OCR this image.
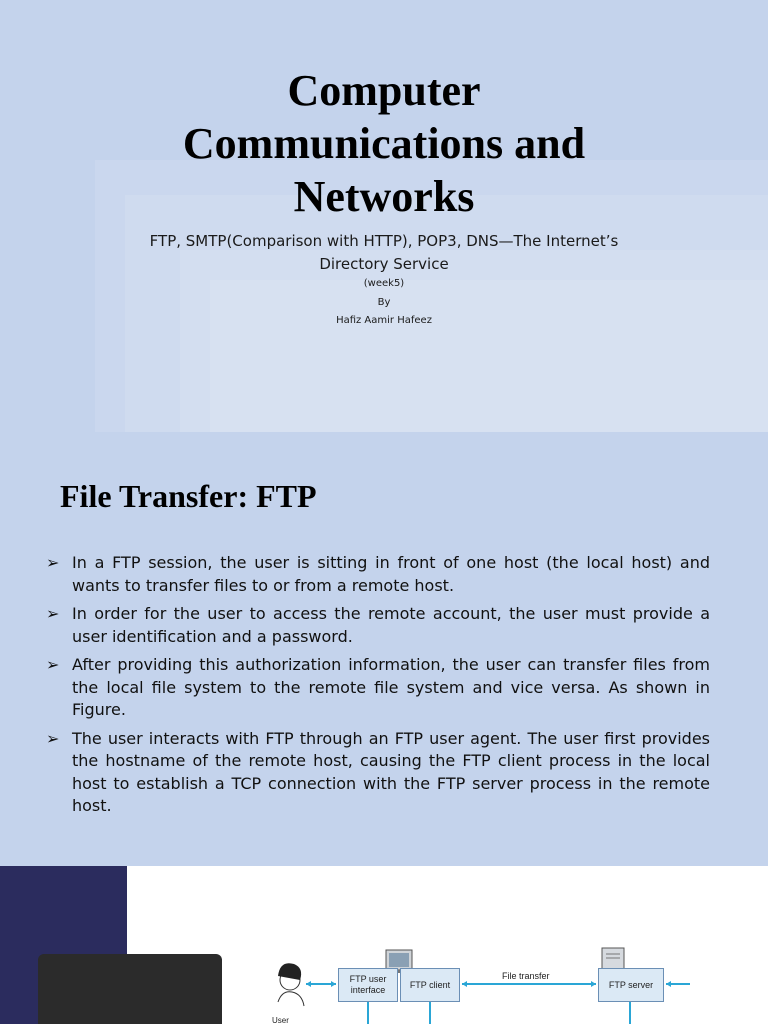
Computer
Communications and
Networks
FTP, SMTP(Comparison with HTTP), POP3, DNS—The Internet’s
Directory Service
(week5)
By
Hafiz Aamir Hafeez
File Transfer: FTP
➢ In a FTP session, the user is sitting in front of one host (the local host) and wants to transfer files to or from a remote host.
➢ In order for the user to access the remote account, the user must provide a user identification and a password.
➢ After providing this authorization information, the user can transfer files from the local file system to the remote file system and vice versa. As shown in Figure.
➢ The user interacts with FTP through an FTP user agent. The user first provides the hostname of the remote host, causing the FTP client process in the local host to establish a TCP connection with the FTP server process in the remote host.
FTP user interface
FTP client
File transfer
FTP server
User
